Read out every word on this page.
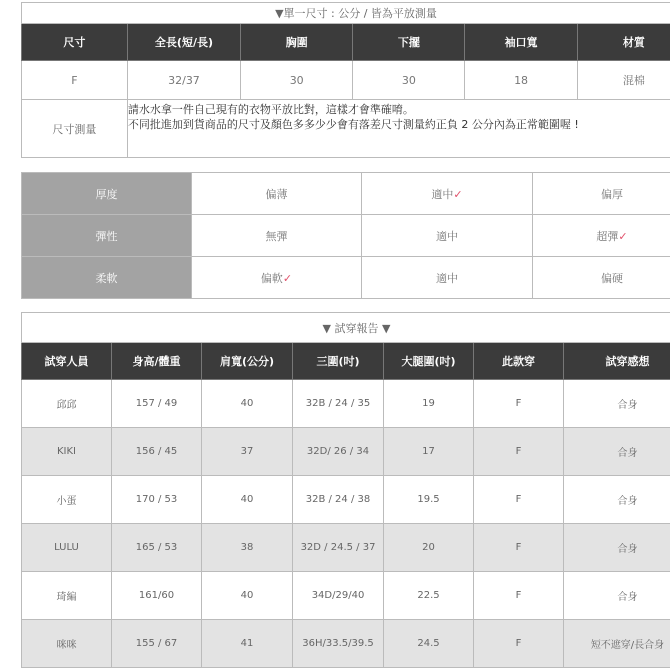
▼單一尺寸 : 公分 / 皆為平放測量					
尺寸	全長(短/長)	胸圍	下擺	袖口寬	材質
F	32/37	30	30	18	混棉
尺寸測量	請水水拿一件自己現有的衣物平放比對，這樣才會準確唷。
不同批進加到貨商品的尺寸及顏色多多少少會有落差尺寸測量約正負 2 公分內為正常範圍喔 !				
厚度	偏薄	適中✓	偏厚
彈性	無彈	適中	超彈✓
柔軟	偏軟✓	適中	偏硬
▼ 試穿報告 ▼						
試穿人員	身高/體重	肩寬(公分)	三圍(吋)	大腿圍(吋)	此款穿	試穿感想
邱邱	157 / 49	40	32B / 24 / 35	19	F	合身
KIKI	156 / 45	37	32D/ 26 / 34	17	F	合身
小蛋	170 / 53	40	32B / 24 / 38	19.5	F	合身
LULU	165 / 53	38	32D / 24.5 / 37	20	F	合身
琦編	161/60	40	34D/29/40	22.5	F	合身
咪咪	155 / 67	41	36H/33.5/39.5	24.5	F	短不遮穿/長合身
